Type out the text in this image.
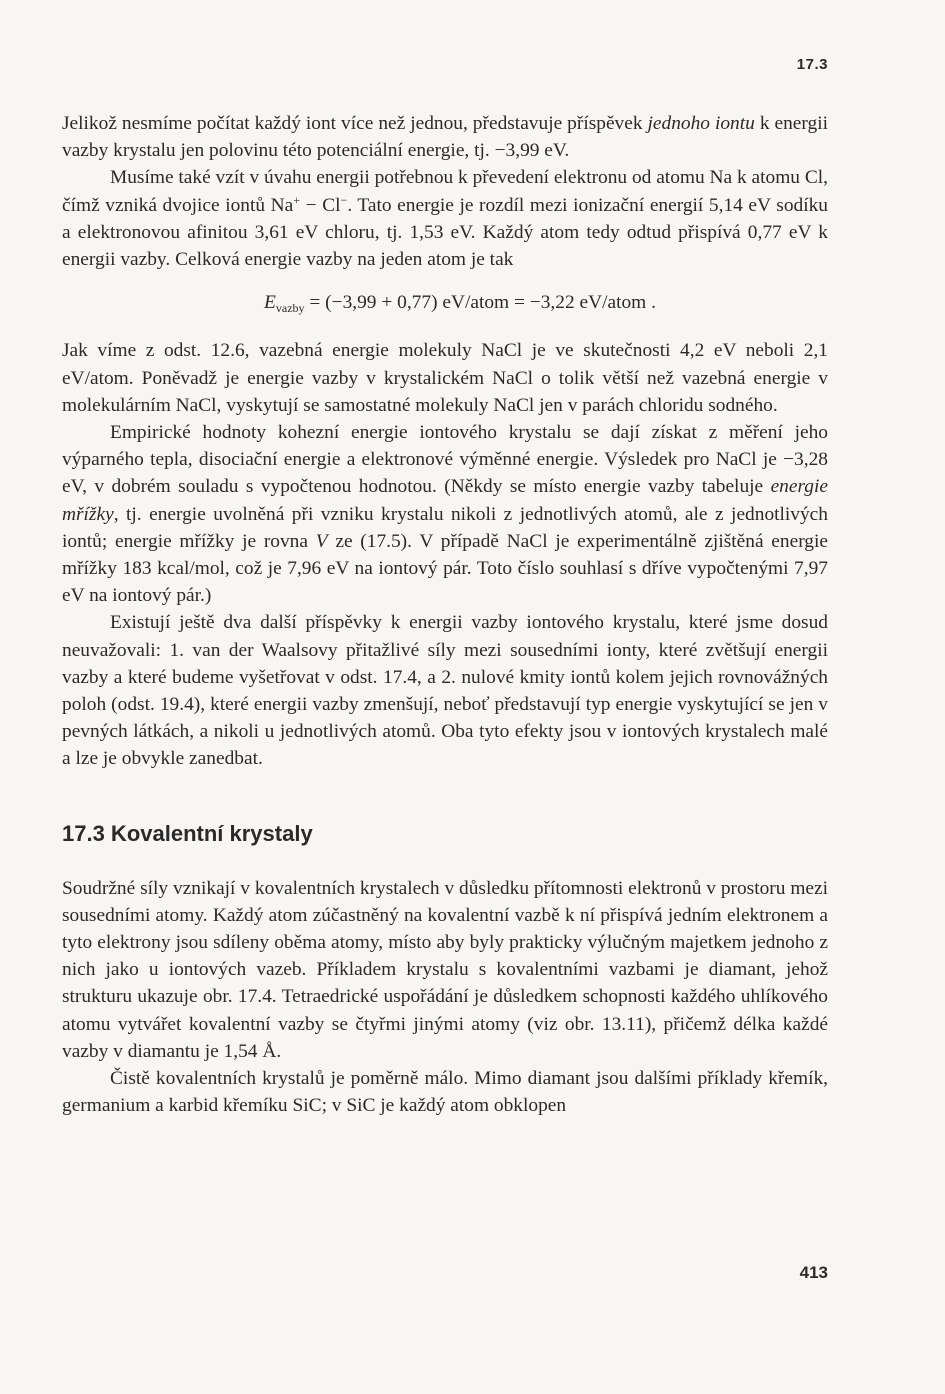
17.3

Jelikož nesmíme počítat každý iont více než jednou, představuje příspěvek jednoho iontu k energii vazby krystalu jen polovinu této potenciální energie, tj. −3,99 eV.

Musíme také vzít v úvahu energii potřebnou k převedení elektronu od atomu Na k atomu Cl, čímž vzniká dvojice iontů Na+ − Cl−. Tato energie je rozdíl mezi ionizační energií 5,14 eV sodíku a elektronovou afinitou 3,61 eV chloru, tj. 1,53 eV. Každý atom tedy odtud přispívá 0,77 eV k energii vazby. Celková energie vazby na jeden atom je tak

$E_{vazby} = (-3,99 + 0,77)$ eV/atom = −3,22 eV/atom .

Jak víme z odst. 12.6, vazebná energie molekuly NaCl je ve skutečnosti 4,2 eV neboli 2,1 eV/atom. Poněvadž je energie vazby v krystalickém NaCl o tolik větší než vazebná energie v molekulárním NaCl, vyskytují se samostatné molekuly NaCl jen v parách chloridu sodného.

Empirické hodnoty kohezní energie iontového krystalu se dají získat z měření jeho výparného tepla, disociační energie a elektronové výměnné energie. Výsledek pro NaCl je −3,28 eV, v dobrém souladu s vypočtenou hodnotou. (Někdy se místo energie vazby tabeluje energie mřížky, tj. energie uvolněná při vzniku krystalu nikoli z jednotlivých atomů, ale z jednotlivých iontů; energie mřížky je rovna V ze (17.5). V případě NaCl je experimentálně zjištěná energie mřížky 183 kcal/mol, což je 7,96 eV na iontový pár. Toto číslo souhlasí s dříve vypočtenými 7,97 eV na iontový pár.)

Existují ještě dva další příspěvky k energii vazby iontového krystalu, které jsme dosud neuvažovali: 1. van der Waalsovy přitažlivé síly mezi sousedními ionty, které zvětšují energii vazby a které budeme vyšetřovat v odst. 17.4, a 2. nulové kmity iontů kolem jejich rovnovážných poloh (odst. 19.4), které energii vazby zmenšují, neboť představují typ energie vyskytující se jen v pevných látkách, a nikoli u jednotlivých atomů. Oba tyto efekty jsou v iontových krystalech malé a lze je obvykle zanedbat.

17.3 Kovalentní krystaly

Soudržné síly vznikají v kovalentních krystalech v důsledku přítomnosti elektronů v prostoru mezi sousedními atomy. Každý atom zúčastněný na kovalentní vazbě k ní přispívá jedním elektronem a tyto elektrony jsou sdíleny oběma atomy, místo aby byly prakticky výlučným majetkem jednoho z nich jako u iontových vazeb. Příkladem krystalu s kovalentními vazbami je diamant, jehož strukturu ukazuje obr. 17.4. Tetraedrické uspořádání je důsledkem schopnosti každého uhlíkového atomu vytvářet kovalentní vazby se čtyřmi jinými atomy (viz obr. 13.11), přičemž délka každé vazby v diamantu je 1,54 Å.

Čistě kovalentních krystalů je poměrně málo. Mimo diamant jsou dalšími příklady křemík, germanium a karbid křemíku SiC; v SiC je každý atom obklopen

413
